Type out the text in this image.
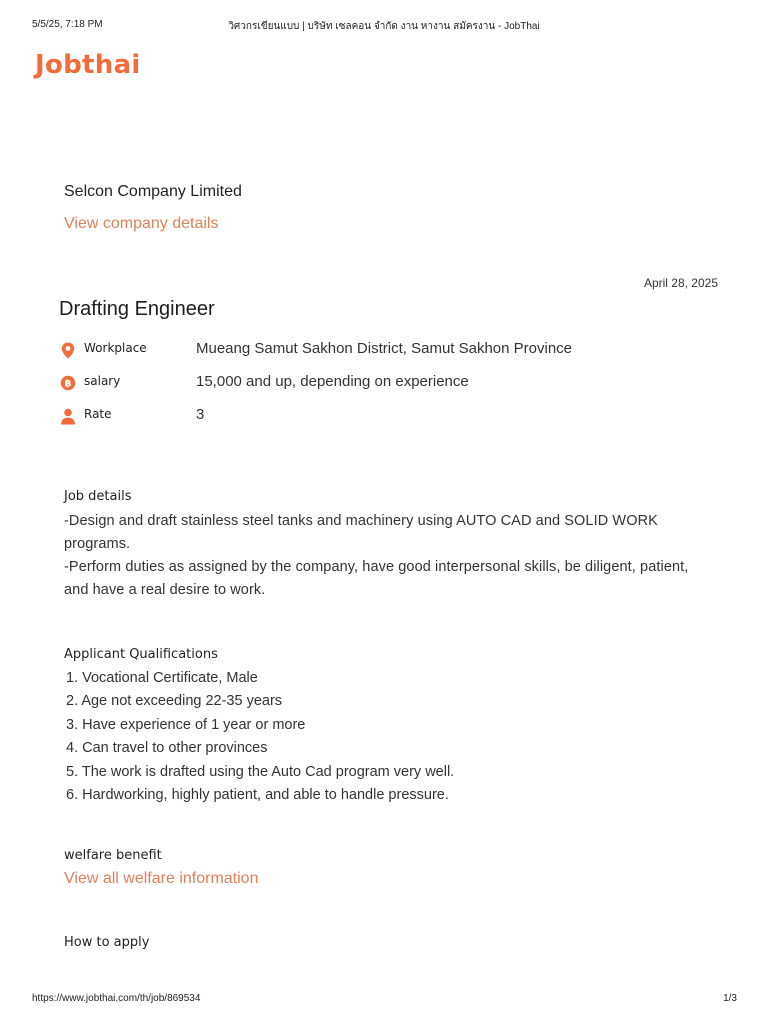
5/5/25, 7:18 PM	วิศวกรเขียนแบบ | บริษัท เซลคอน จำกัด งาน หางาน สมัครงาน - JobThai
Jobthai
Selcon Company Limited
View company details
April 28, 2025
Drafting Engineer
Workplace	Mueang Samut Sakhon District, Samut Sakhon Province
฿ salary	15,000 and up, depending on experience
Rate	3
Job details
-Design and draft stainless steel tanks and machinery using AUTO CAD and SOLID WORK programs.
-Perform duties as assigned by the company, have good interpersonal skills, be diligent, patient, and have a real desire to work.
Applicant Qualifications
1. Vocational Certificate, Male
2. Age not exceeding 22-35 years
3. Have experience of 1 year or more
4. Can travel to other provinces
5. The work is drafted using the Auto Cad program very well.
6. Hardworking, highly patient, and able to handle pressure.
welfare benefit
View all welfare information
How to apply
https://www.jobthai.com/th/job/869534	1/3
